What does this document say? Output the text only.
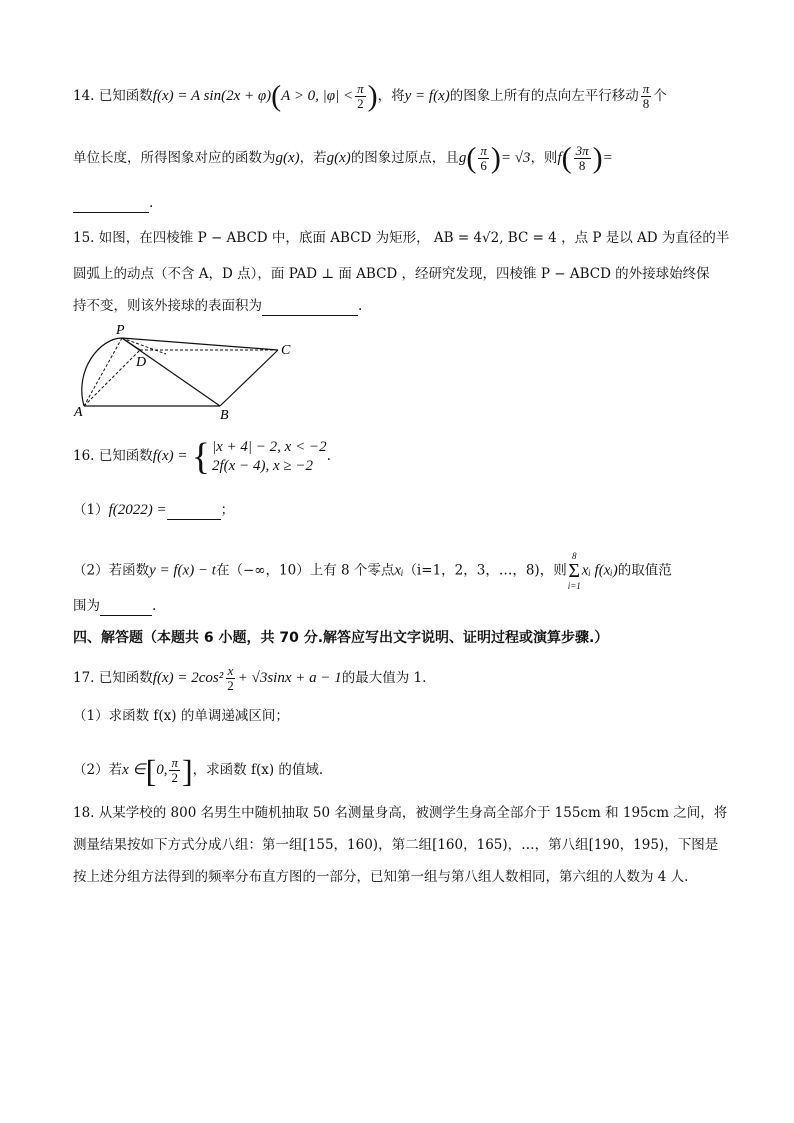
14. 已知函数f(x) = A sin(2x + φ)(A > 0, $|\varphi| < \frac{\pi}{2}$ )，将y = f(x)的图象上所有的点向左平行移动 $\frac{\pi}{8}$ 个
单位长度，所得图象对应的函数为g(x)，若g(x)的图象过原点，且$g( \frac{\pi}{6}$ )= √3，则$f( \frac{3\pi}{8}$ )=
.
15. 如图，在四棱锥 P − ABCD 中，底面 ABCD 为矩形， AB = 4√2, BC = 4 ，点 P 是以 AD 为直径的半
圆弧上的动点（不含 A，D 点），面 PAD ⊥ 面 ABCD ，经研究发现，四棱锥 P − ABCD 的外接球始终保
持不变，则该外接球的表面积为	.
P
D
C
A	B
16. 已知函数f(x) = { |x + 4| − 2, x < −2
2f(x − 4), x ≥ −2
.
（1）f(2022) =	；
（2）若函数y = f(x) − t在（−∞，10）上有 8 个零点xᵢ（i=1，2，3，…，8)，则
8
Σ
i=1
xᵢ f(xᵢ)的取值范
围为	.
四、解答题（本题共 6 小题，共 70 分.解答应写出文字说明、证明过程或演算步骤.）
17. 已知函数$f(x) = 2\cos^2 \frac{x}{2} + √3\sin x + a - 1$的最大值为 1.
（1）求函数 f(x) 的单调递减区间；
（2）若x ∈[0, $\frac{\pi}{2}$ ]，求函数 f(x) 的值域.
18. 从某学校的 800 名男生中随机抽取 50 名测量身高，被测学生身高全部介于 155cm 和 195cm 之间，将
测量结果按如下方式分成八组：第一组[155，160)，第二组[160，165)，…，第八组[190，195)，下图是
按上述分组方法得到的频率分布直方图的一部分，已知第一组与第八组人数相同，第六组的人数为 4 人.
